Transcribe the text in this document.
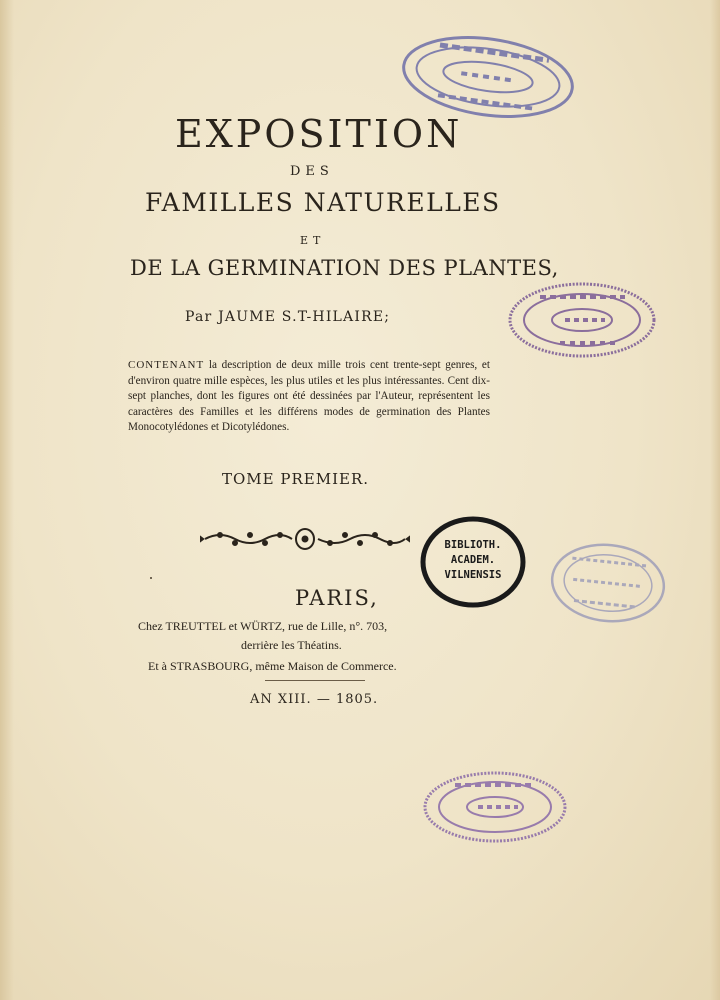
EXPOSITION
DES
FAMILLES NATURELLES
ET
DE LA GERMINATION DES PLANTES,
Par JAUME S.T-HILAIRE;
CONTENANT la description de deux mille trois cent trente-sept genres, et d'environ quatre mille espèces, les plus utiles et les plus intéressantes. Cent dix-sept planches, dont les figures ont été dessinées par l'Auteur, représentent les caractères des Familles et les différens modes de germination des Plantes Monocotylédones et Dicotylédones.
TOME PREMIER.
PARIS,
Chez TREUTTEL et WÜRTZ, rue de Lille, n°. 703,
derrière les Théatins.
Et à STRASBOURG, même Maison de Commerce.
AN XIII. — 1805.
BIBLIOTH.
ACADEM.
VILNENSIS
